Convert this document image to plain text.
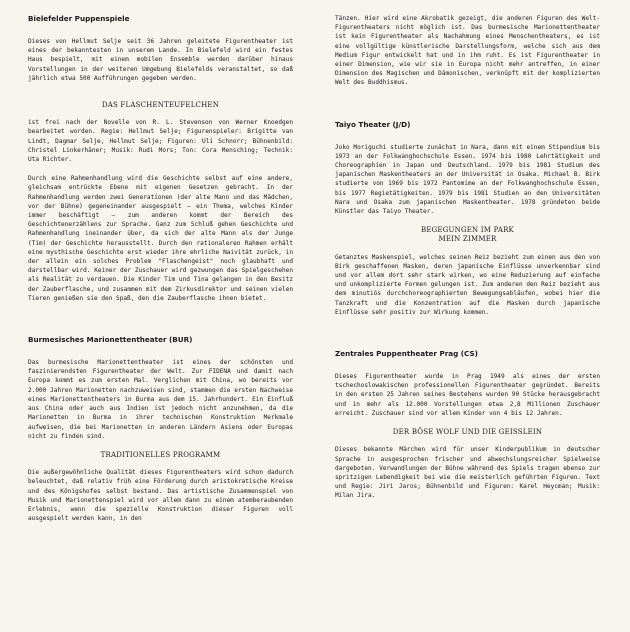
Bielefelder Puppenspiele

Dieses von Hellmut Selje seit 36 Jahren geleitete Figurentheater ist eines der bekanntesten in unserem Lande. In Bielefeld wird ein festes Haus bespielt, mit einem mobilen Ensemble werden darüber hinaus Vorstellungen in der weiteren Umgebung Bielefelds veranstaltet, so daß jährlich etwa 500 Aufführungen gegeben werden.

DAS FLASCHENTEUFELCHEN

ist frei nach der Novelle von R. L. Stevenson von Werner Knoedgen bearbeitet worden. Regie: Hellmut Selje; Figurenspieler: Brigitte van Lindt, Dagmar Selje, Hellmut Selje; Figuren: Uli Schnorr; Bühnenbild: Christel Linkerhäner; Musik: Rudi Mors; Ton: Cora Mensching; Technik: Uta Richter.

Durch eine Rahmenhandlung wird die Geschichte selbst auf eine andere, gleichsam entrückte Ebene mit eigenen Gesetzen gebracht. In der Rahmenhandlung werden zwei Generationen (der alte Mann und das Mädchen, vor der Bühne) gegeneinander ausgespielt – ein Thema, welches Kinder immer beschäftigt – zum anderen kommt der Bereich des Geschichtenerzählens zur Sprache. Ganz zum Schluß gehen Geschichte und Rahmenhandlung ineinander über, da sich der alte Mann als der Junge (Tim) der Geschichte herausstellt. Durch den rationaleren Rahmen erhält eine mysthische Geschichte erst wieder ihre ehrliche Naivität zurück, in der allein ein solches Problem "Flaschengeist" noch glaubhaft und darstellbar wird. Keiner der Zuschauer wird gezwungen das Spielgeschehen als Realität zu verdauen. Die Kinder Tim und Tina gelangen in den Besitz der Zauberflasche, und zusammen mit dem Zirkusdirektor und seinen vielen Tieren genießen sie den Spaß, den die Zauberflasche ihnen bietet.

Burmesisches Marionettentheater (BUR)

Das burmesische Marionettentheater ist eines der schönsten und faszinierendsten Figurentheater der Welt. Zur FIDENA und damit nach Europa kommt es zum ersten Mal. Verglichen mit China, wo bereits vor 2.000 Jahren Marionetten nachzuweisen sind, stammen die ersten Nachweise eines Marionettentheaters in Burma aus dem 15. Jahrhundert. Ein Einfluß aus China oder auch aus Indien ist jedoch nicht anzunehmen, da die Marionetten in Burma in ihrer technischen Konstruktion Merkmale aufweisen, die bei Marionetten in anderen Ländern Asiens oder Europas nicht zu finden sind.

TRADITIONELLES PROGRAMM

Die außergewöhnliche Qualität dieses Figurentheaters wird schon dadurch beleuchtet, daß relativ früh eine Förderung durch aristokratische Kreise und des Königshofes selbst bestand. Das artistische Zusammenspiel von Musik und Marionettenspiel wird vor allem dann zu einem atemberaubenden Erlebnis, wenn die spezielle Konstruktion dieser Figuren voll ausgespielt werden kann, in den

Tänzen. Hier wird eine Akrobatik gezeigt, die anderen Figuren des Welt-Figurentheaters nicht möglich ist. Das burmesische Marionettentheater ist kein Figurentheater als Nachahmung eines Menschentheaters, es ist eine vollgültige künstlerische Darstellungsform, welche sich aus dem Medium Figur entwickelt hat und in ihm ruht. Es ist Figurentheater in einer Dimension, wie wir sie in Europa nicht mehr antreffen, in einer Dimension des Magischen und Dämonischen, verknüpft mit der komplizierten Welt des Buddhismus.

Taiyo Theater (J/D)

Joko Moriguchi studierte zunächst in Nara, dann mit einem Stipendium bis 1973 an der Folkwanghochschule Essen. 1974 bis 1980 Lehrtätigkeit und Choreographien in Japan und Deutschland. 1979 bis 1981 Studium des japanischen Maskentheaters an der Universität in Osaka. Michael B. Birk studierte von 1969 bis 1972 Pantomime an der Folkwanghochschule Essen, bis 1977 Regietätigkeiten. 1979 bis 1981 Studien an den Universitäten Nara und Osaka zum japanischen Maskentheater. 1978 gründeten beide Künstler das Taiyo Theater.

BEGEGUNGEN IM PARK
MEIN ZIMMER

Getanztes Maskenspiel, welches seinen Reiz bezieht zum einen aus den von Birk geschaffenen Masken, deren japanische Einflüsse unverkennbar sind und vor allem dort sehr stark wirken, wo eine Reduzierung auf einfache und unkomplizierte Formen gelungen ist. Zum anderen den Reiz bezieht aus dem minutiös durchchoreographierten Bewegungsabläufen, wobei hier die Tanzkraft und die Konzentration auf die Masken durch japanische Einflüsse sehr positiv zur Wirkung kommen.

Zentrales Puppentheater Prag (CS)

Dieses Figurentheater wurde in Prag 1949 als eines der ersten tschechoslowakischen professionellen Figurentheater gegründet. Bereits in den ersten 25 Jahren seines Bestehens wurden 90 Stücke herausgebracht und in mehr als 12.000 Vorstellungen etwa 2,8 Millionen Zuschauer erreicht. Zuschauer sind vor allem Kinder von 4 bis 12 Jahren.

DER BÖSE WOLF UND DIE GEISSLEIN

Dieses bekannte Märchen wird für unser Kinderpublikum in deutscher Sprache in ausgesprochen frischer und abwechslungsreicher Spielweise dargeboten. Verwandlungen der Bühne während des Spiels tragen ebenso zur spritzigen Lebendigkeit bei wie die meisterlich geführten Figuren. Text und Regie: Jiri Jaros; Bühnenbild und Figuren: Karel Heycman; Musik: Milan Jira.
